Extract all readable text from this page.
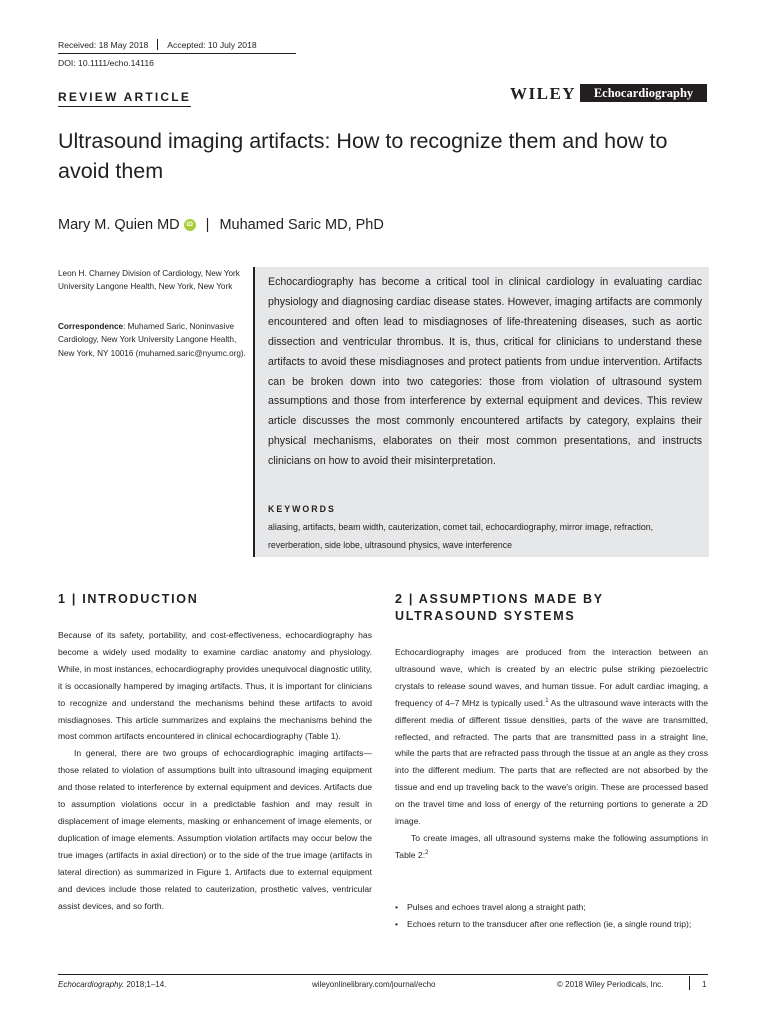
Received: 18 May 2018 Accepted: 10 July 2018
DOI: 10.1111/echo.14116
REVIEW ARTICLE	WILEY	Echocardiography
Ultrasound imaging artifacts: How to recognize them and how to avoid them
Mary M. Quien MD	iD | Muhamed Saric MD, PhD
Leon H. Charney Division of Cardiology, New York University Langone Health, New York, New York
Correspondence: Muhamed Saric, Noninvasive Cardiology, New York University Langone Health, New York, NY 10016 (muhamed.saric@nyumc.org).
Echocardiography has become a critical tool in clinical cardiology in evaluating cardiac physiology and diagnosing cardiac disease states. However, imaging artifacts are commonly encountered and often lead to misdiagnoses of life-threatening diseases, such as aortic dissection and ventricular thrombus. It is, thus, critical for clinicians to understand these artifacts to avoid these misdiagnoses and protect patients from undue intervention. Artifacts can be broken down into two categories: those from violation of ultrasound system assumptions and those from interference by external equipment and devices. This review article discusses the most commonly encountered artifacts by category, explains their physical mechanisms, elaborates on their most common presentations, and instructs clinicians on how to avoid their misinterpretation.
KEYWORDS
aliasing, artifacts, beam width, cauterization, comet tail, echocardiography, mirror image, refraction, reverberation, side lobe, ultrasound physics, wave interference
1 | INTRODUCTION

Because of its safety, portability, and cost-effectiveness, echocardiography has become a widely used modality to examine cardiac anatomy and physiology. While, in most instances, echocardiography provides unequivocal diagnostic utility, it is occasionally hampered by imaging artifacts. Thus, it is important for clinicians to recognize and understand the mechanisms behind these artifacts to avoid misdiagnoses. This article summarizes and explains the mechanisms behind the most common artifacts encountered in clinical echocardiography (Table 1).

In general, there are two groups of echocardiographic imaging artifacts—those related to violation of assumptions built into ultrasound imaging equipment and those related to interference by external equipment and devices. Artifacts due to assumption violations occur in a predictable fashion and may result in displacement of image elements, masking or enhancement of image elements, or duplication of image elements. Assumption violation artifacts may occur below the true images (artifacts in axial direction) or to the side of the true image (artifacts in lateral direction) as summarized in Figure 1. Artifacts due to external equipment and devices include those related to cauterization, prosthetic valves, ventricular assist devices, and so forth.

2 | ASSUMPTIONS MADE BY
ULTRASOUND SYSTEMS

Echocardiography images are produced from the interaction between an ultrasound wave, which is created by an electric pulse striking piezoelectric crystals to release sound waves, and human tissue. For adult cardiac imaging, a frequency of 4–7 MHz is typically used.$^1$ As the ultrasound wave interacts with the different media of different tissue densities, parts of the wave are transmitted, reflected, and refracted. The parts that are transmitted pass in a straight line, while the parts that are refracted pass through the tissue at an angle as they cross into the different medium. The parts that are reflected are not absorbed by the tissue and end up traveling back to the wave's origin. These are processed based on the travel time and loss of energy of the returning portions to generate a 2D image.

To create images, all ultrasound systems make the following assumptions in Table 2:$^2$

• Pulses and echoes travel along a straight path;
• Echoes return to the transducer after one reflection (ie, a single round trip);
Echocardiography. 2018;1–14.	wileyonlinelibrary.com/journal/echo	© 2018 Wiley Periodicals, Inc.	1
